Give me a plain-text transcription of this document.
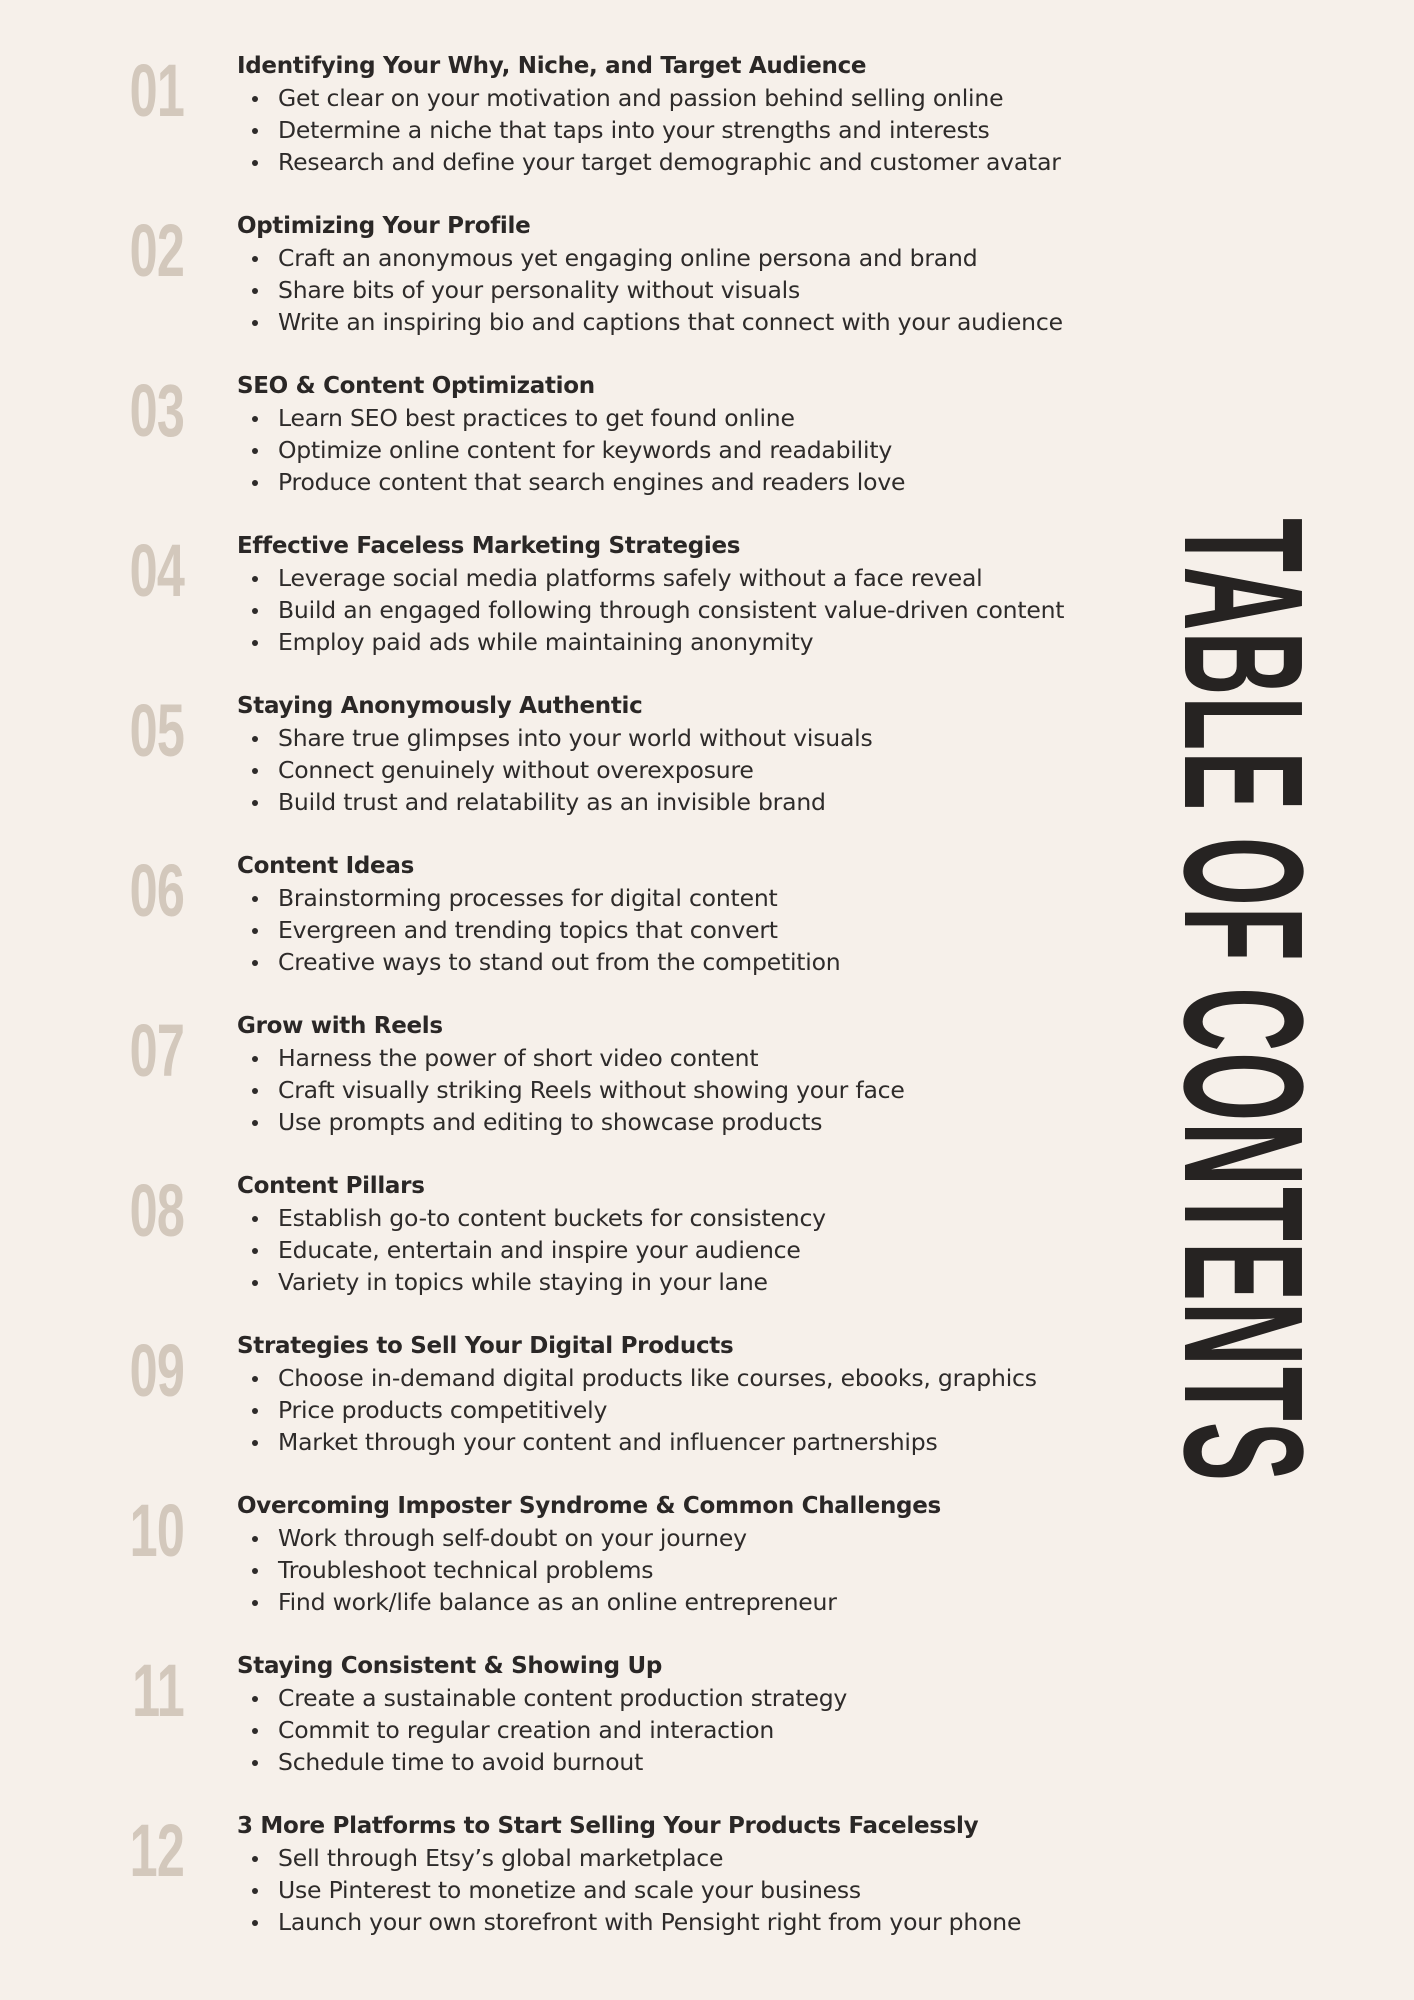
01 Identifying Your Why, Niche, and Target Audience
Get clear on your motivation and passion behind selling online
Determine a niche that taps into your strengths and interests
Research and define your target demographic and customer avatar
02 Optimizing Your Profile
Craft an anonymous yet engaging online persona and brand
Share bits of your personality without visuals
Write an inspiring bio and captions that connect with your audience
03 SEO & Content Optimization
Learn SEO best practices to get found online
Optimize online content for keywords and readability
Produce content that search engines and readers love
04 Effective Faceless Marketing Strategies
Leverage social media platforms safely without a face reveal
Build an engaged following through consistent value-driven content
Employ paid ads while maintaining anonymity
05 Staying Anonymously Authentic
Share true glimpses into your world without visuals
Connect genuinely without overexposure
Build trust and relatability as an invisible brand
06 Content Ideas
Brainstorming processes for digital content
Evergreen and trending topics that convert
Creative ways to stand out from the competition
07 Grow with Reels
Harness the power of short video content
Craft visually striking Reels without showing your face
Use prompts and editing to showcase products
08 Content Pillars
Establish go-to content buckets for consistency
Educate, entertain and inspire your audience
Variety in topics while staying in your lane
09 Strategies to Sell Your Digital Products
Choose in-demand digital products like courses, ebooks, graphics
Price products competitively
Market through your content and influencer partnerships
10 Overcoming Imposter Syndrome & Common Challenges
Work through self-doubt on your journey
Troubleshoot technical problems
Find work/life balance as an online entrepreneur
11 Staying Consistent & Showing Up
Create a sustainable content production strategy
Commit to regular creation and interaction
Schedule time to avoid burnout
12 3 More Platforms to Start Selling Your Products Facelessly
Sell through Etsy’s global marketplace
Use Pinterest to monetize and scale your business
Launch your own storefront with Pensight right from your phone
TABLE OF CONTENTS
